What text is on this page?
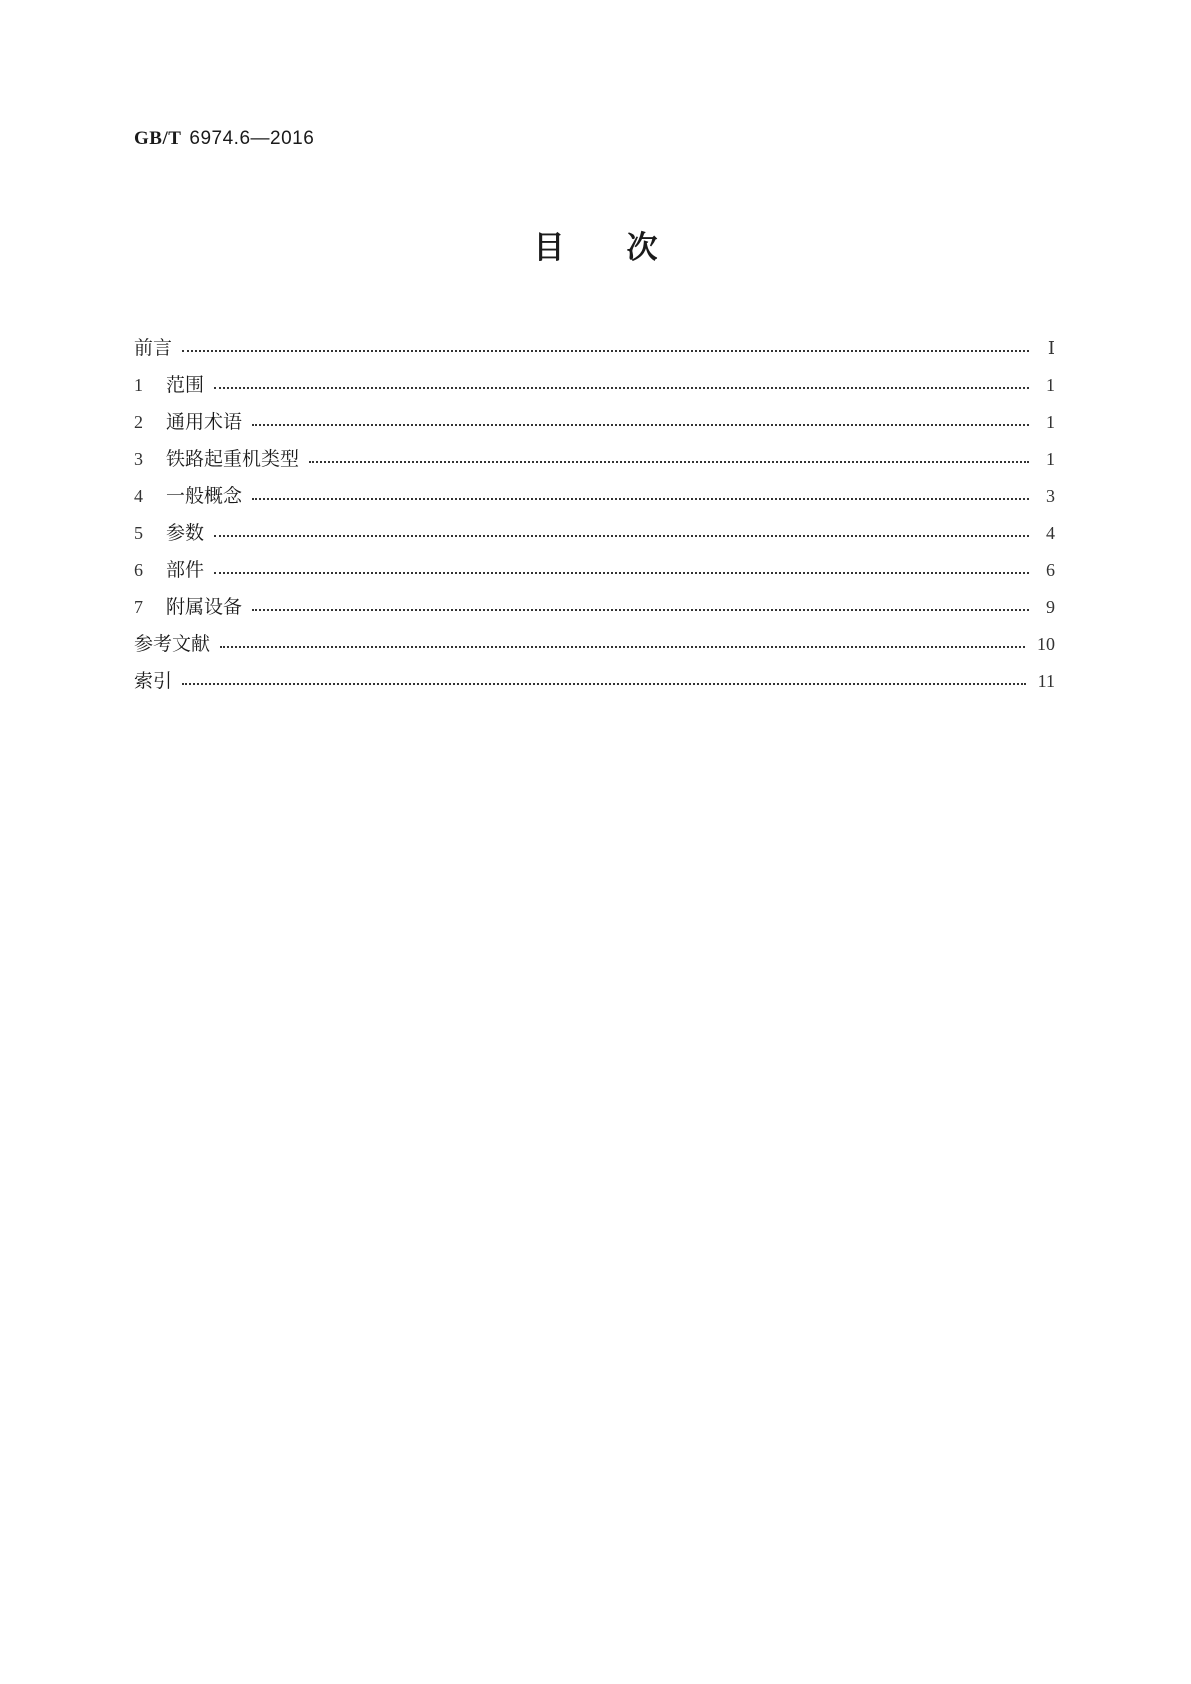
GB/T 6974.6—2016
目次
前言	Ⅰ
1	范围	1
2	通用术语	1
3	铁路起重机类型	1
4	一般概念	3
5	参数	4
6	部件	6
7	附属设备	9
参考文献	10
索引	11
